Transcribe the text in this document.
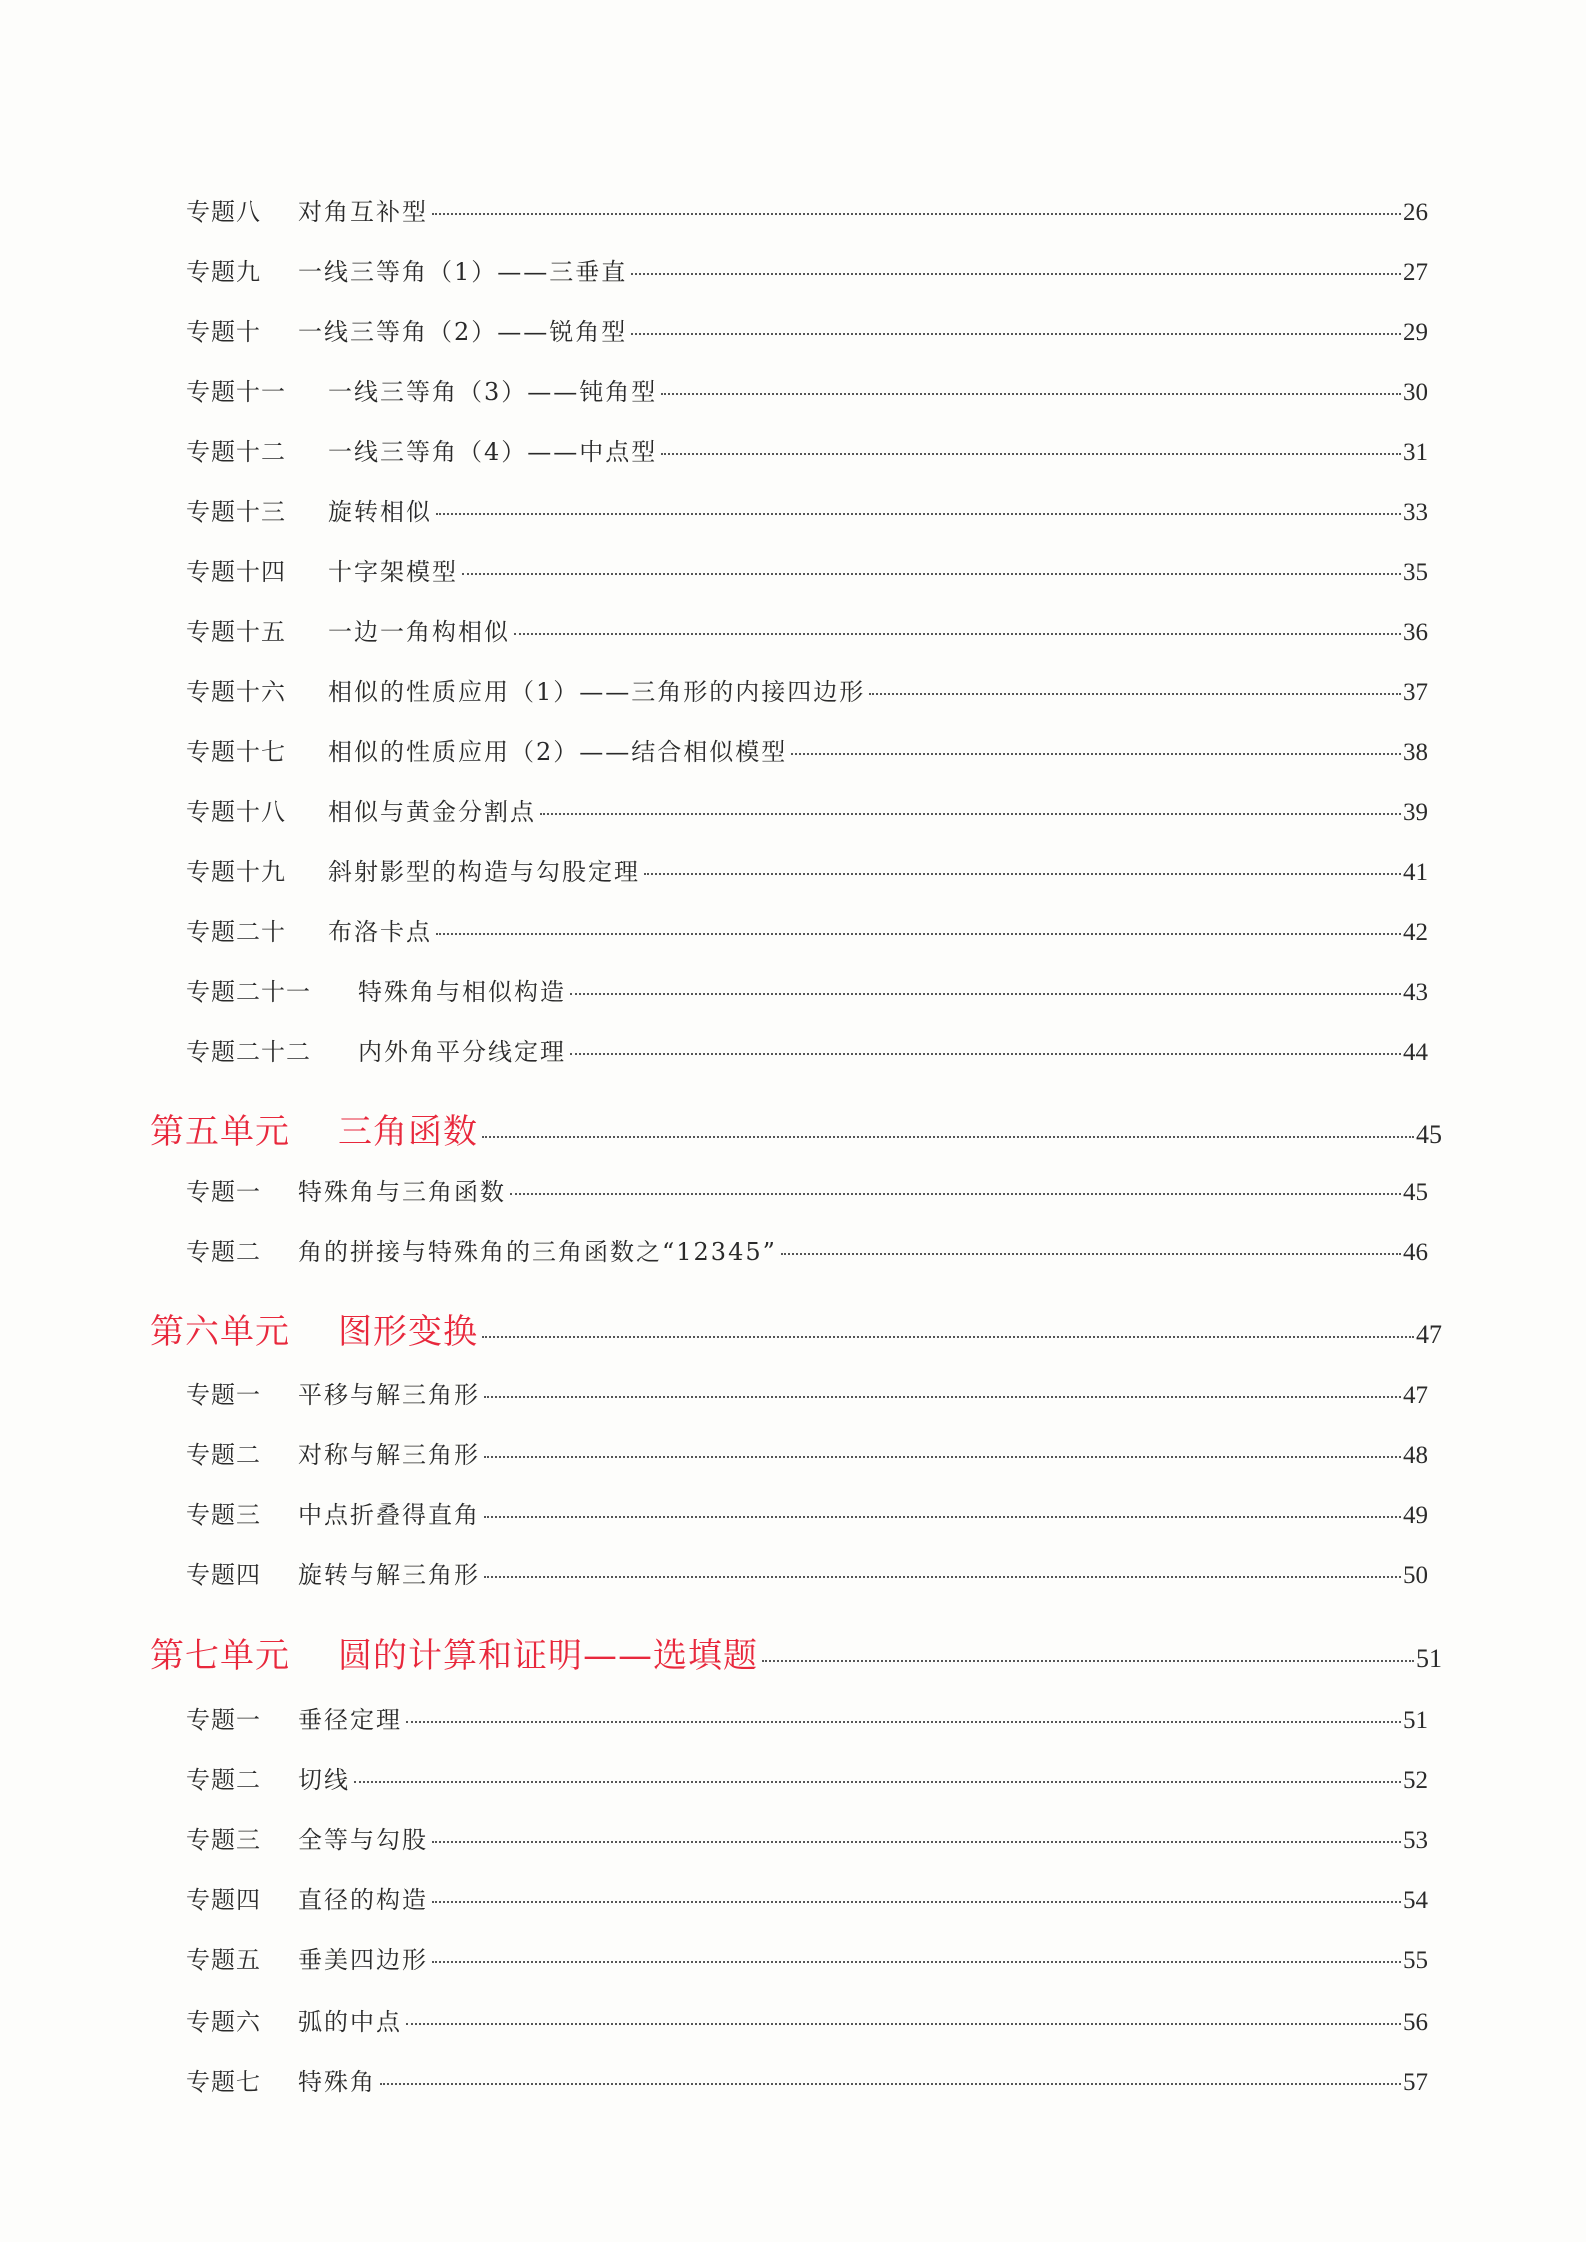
专题八	对角互补型	26
专题九	一线三等角（1）——三垂直	27
专题十	一线三等角（2）——锐角型	29
专题十一	一线三等角（3）——钝角型	30
专题十二	一线三等角（4）——中点型	31
专题十三	旋转相似	33
专题十四	十字架模型	35
专题十五	一边一角构相似	36
专题十六	相似的性质应用（1）——三角形的内接四边形	37
专题十七	相似的性质应用（2）——结合相似模型	38
专题十八	相似与黄金分割点	39
专题十九	斜射影型的构造与勾股定理	41
专题二十	布洛卡点	42
专题二十一	特殊角与相似构造	43
专题二十二	内外角平分线定理	44
第五单元	三角函数	45
专题一	特殊角与三角函数	45
专题二	角的拼接与特殊角的三角函数之“12345”	46
第六单元	图形变换	47
专题一	平移与解三角形	47
专题二	对称与解三角形	48
专题三	中点折叠得直角	49
专题四	旋转与解三角形	50
第七单元	圆的计算和证明——选填题	51
专题一	垂径定理	51
专题二	切线	52
专题三	全等与勾股	53
专题四	直径的构造	54
专题五	垂美四边形	55
专题六	弧的中点	56
专题七	特殊角	57
